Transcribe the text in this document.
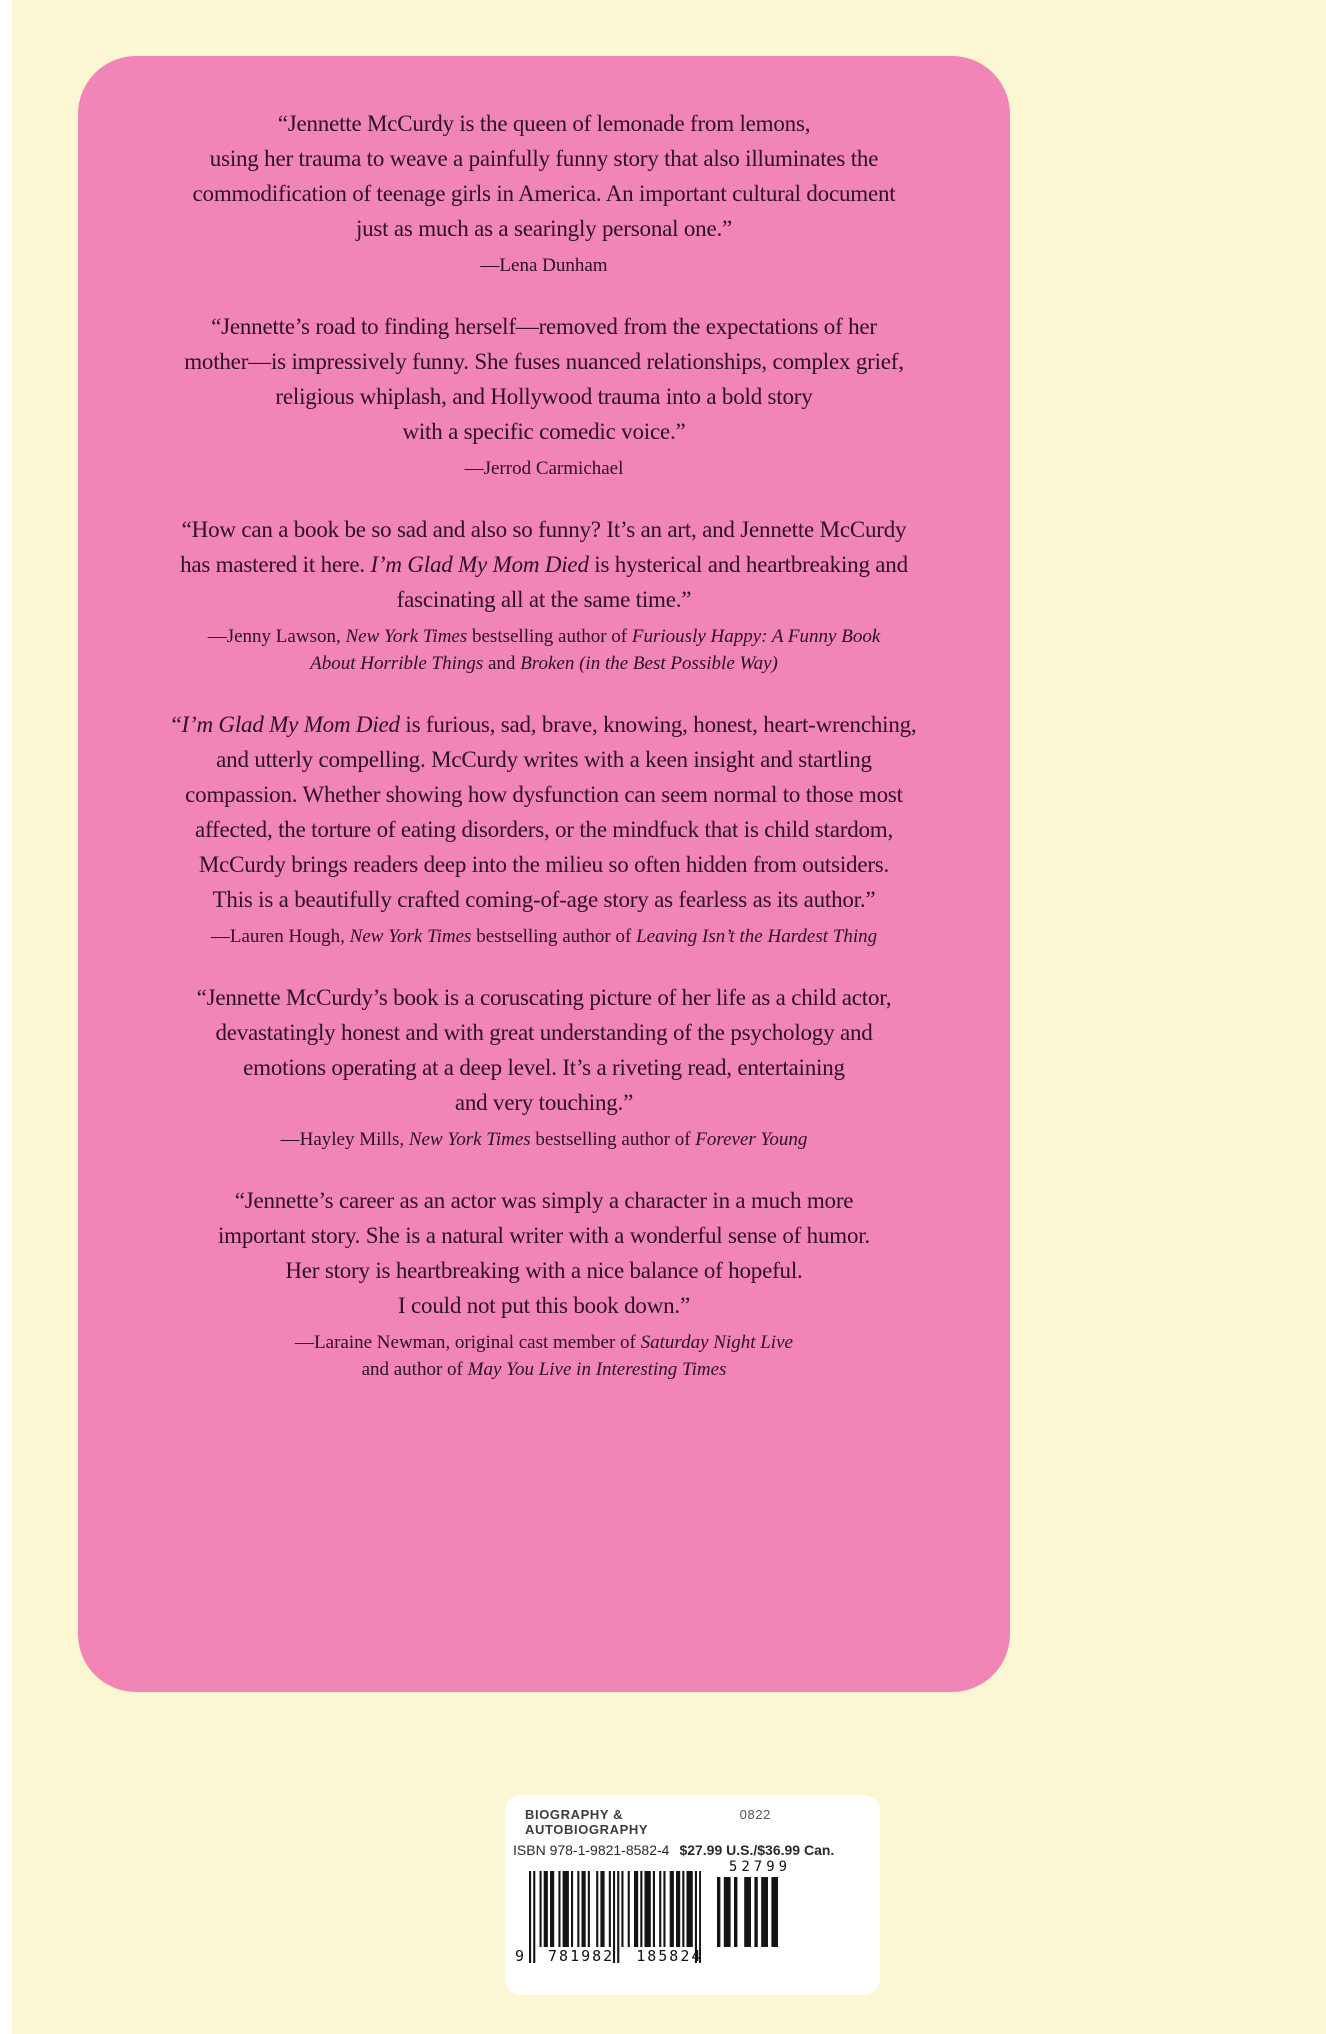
“Jennette McCurdy is the queen of lemonade from lemons,
using her trauma to weave a painfully funny story that also illuminates the
commodification of teenage girls in America. An important cultural document
just as much as a searingly personal one.”
—Lena Dunham
“Jennette’s road to finding herself—removed from the expectations of her
mother—is impressively funny. She fuses nuanced relationships, complex grief,
religious whiplash, and Hollywood trauma into a bold story
with a specific comedic voice.”
—Jerrod Carmichael
“How can a book be so sad and also so funny? It’s an art, and Jennette McCurdy
has mastered it here. I’m Glad My Mom Died is hysterical and heartbreaking and
fascinating all at the same time.”
—Jenny Lawson, New York Times bestselling author of Furiously Happy: A Funny Book
About Horrible Things and Broken (in the Best Possible Way)
“I’m Glad My Mom Died is furious, sad, brave, knowing, honest, heart-wrenching,
and utterly compelling. McCurdy writes with a keen insight and startling
compassion. Whether showing how dysfunction can seem normal to those most
affected, the torture of eating disorders, or the mindfuck that is child stardom,
McCurdy brings readers deep into the milieu so often hidden from outsiders.
This is a beautifully crafted coming-of-age story as fearless as its author.”
—Lauren Hough, New York Times bestselling author of Leaving Isn’t the Hardest Thing
“Jennette McCurdy’s book is a coruscating picture of her life as a child actor,
devastatingly honest and with great understanding of the psychology and
emotions operating at a deep level. It’s a riveting read, entertaining
and very touching.”
—Hayley Mills, New York Times bestselling author of Forever Young
“Jennette’s career as an actor was simply a character in a much more
important story. She is a natural writer with a wonderful sense of humor.
Her story is heartbreaking with a nice balance of hopeful.
I could not put this book down.”
—Laraine Newman, original cast member of Saturday Night Live
and author of May You Live in Interesting Times
BIOGRAPHY & AUTOBIOGRAPHY
0822
ISBN 978-1-9821-8582-4 $27.99 U.S./$36.99 Can.
9 781982 185824
52799
